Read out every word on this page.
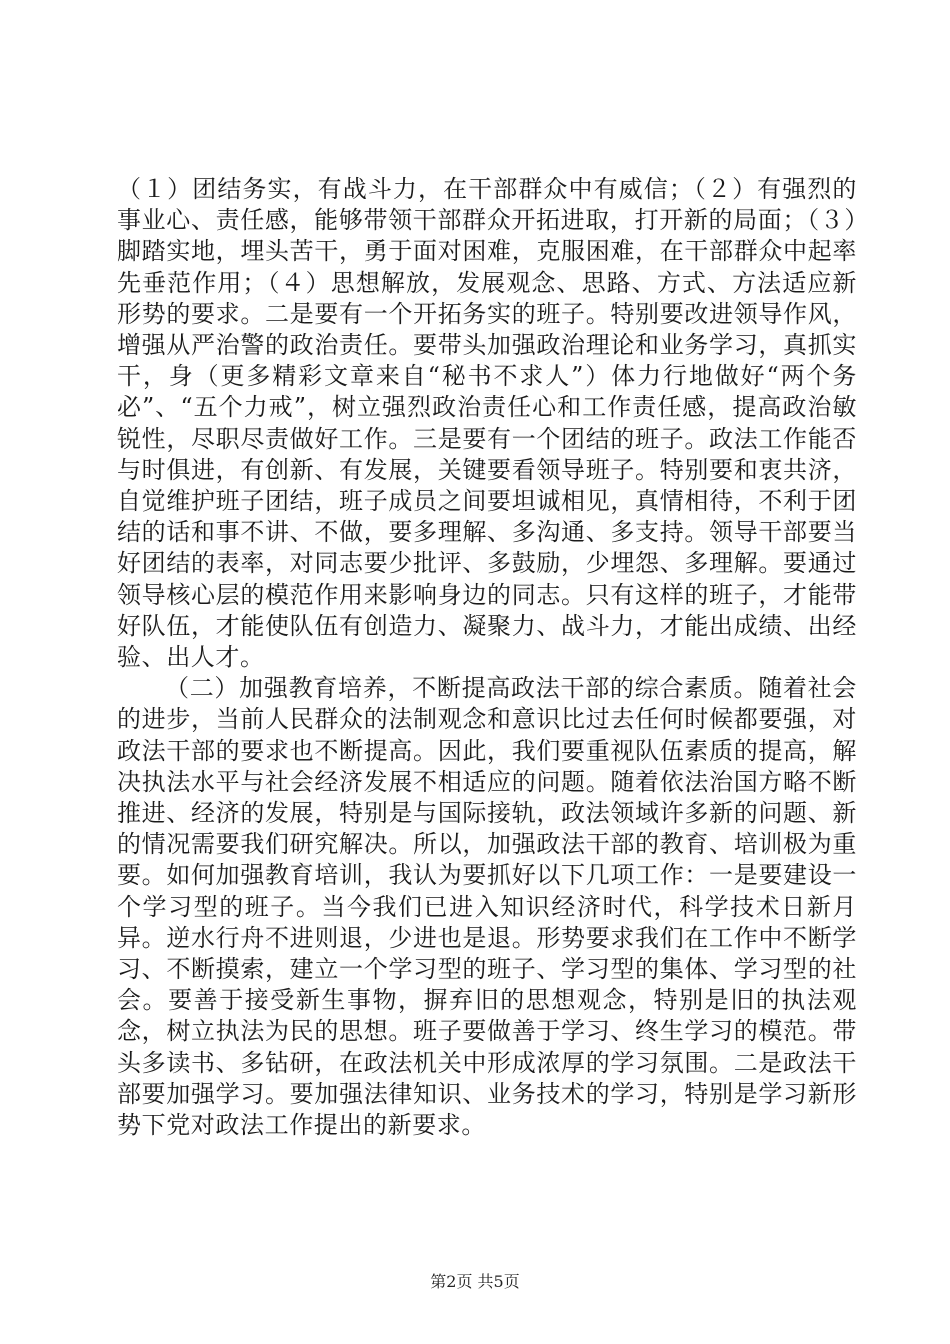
（１）团结务实，有战斗力，在干部群众中有威信；（２）有强烈的事业心、责任感，能够带领干部群众开拓进取，打开新的局面；（３）脚踏实地，埋头苦干，勇于面对困难，克服困难，在干部群众中起率先垂范作用；（４）思想解放，发展观念、思路、方式、方法适应新形势的要求。二是要有一个开拓务实的班子。特别要改进领导作风，增强从严治警的政治责任。要带头加强政治理论和业务学习，真抓实干，身（更多精彩文章来自“秘书不求人”）体力行地做好“两个务必”、“五个力戒”，树立强烈政治责任心和工作责任感，提高政治敏锐性，尽职尽责做好工作。三是要有一个团结的班子。政法工作能否与时俱进，有创新、有发展，关键要看领导班子。特别要和衷共济，自觉维护班子团结，班子成员之间要坦诚相见，真情相待，不利于团结的话和事不讲、不做，要多理解、多沟通、多支持。领导干部要当好团结的表率，对同志要少批评、多鼓励，少埋怨、多理解。要通过领导核心层的模范作用来影响身边的同志。只有这样的班子，才能带好队伍，才能使队伍有创造力、凝聚力、战斗力，才能出成绩、出经验、出人才。

（二）加强教育培养，不断提高政法干部的综合素质。随着社会的进步，当前人民群众的法制观念和意识比过去任何时候都要强，对政法干部的要求也不断提高。因此，我们要重视队伍素质的提高，解决执法水平与社会经济发展不相适应的问题。随着依法治国方略不断推进、经济的发展，特别是与国际接轨，政法领域许多新的问题、新的情况需要我们研究解决。所以，加强政法干部的教育、培训极为重要。如何加强教育培训，我认为要抓好以下几项工作：一是要建设一个学习型的班子。当今我们已进入知识经济时代，科学技术日新月异。逆水行舟不进则退，少进也是退。形势要求我们在工作中不断学习、不断摸索，建立一个学习型的班子、学习型的集体、学习型的社会。要善于接受新生事物，摒弃旧的思想观念，特别是旧的执法观念，树立执法为民的思想。班子要做善于学习、终生学习的模范。带头多读书、多钻研，在政法机关中形成浓厚的学习氛围。二是政法干部要加强学习。要加强法律知识、业务技术的学习，特别是学习新形势下党对政法工作提出的新要求。

第2页 共5页
